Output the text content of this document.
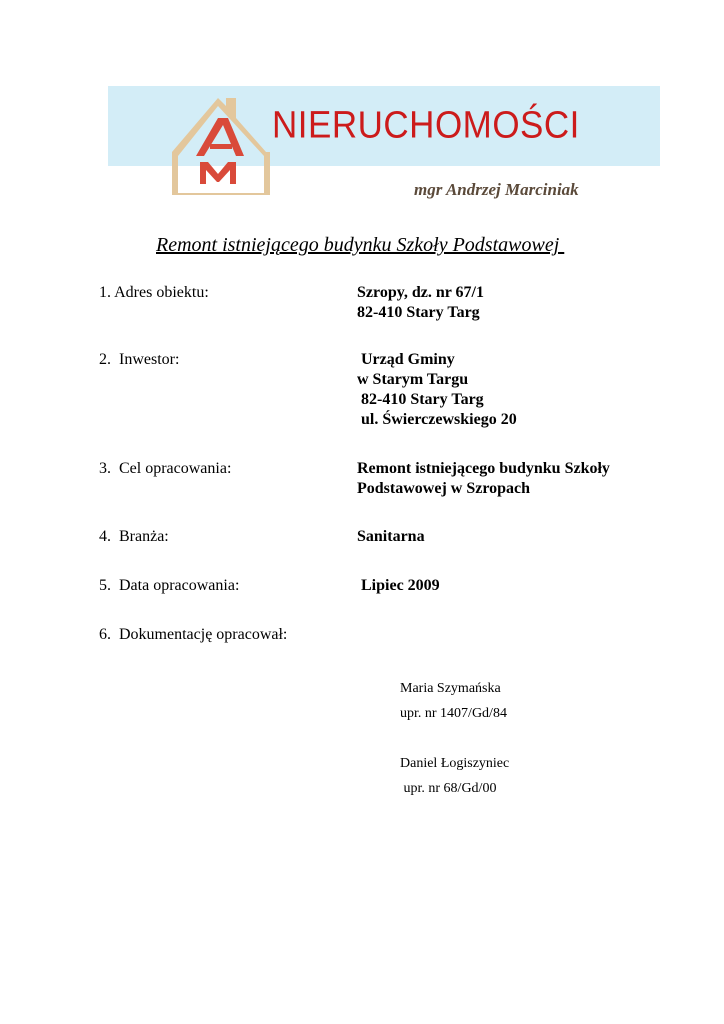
NIERUCHOMOŚCI
mgr Andrzej Marciniak
Remont istniejącego budynku Szkoły Podstawowej
1. Adres obiektu:	Szropy, dz. nr 67/1
82-410 Stary Targ
2.  Inwestor:	Urząd Gminy
w Starym Targu
82-410 Stary Targ
ul. Świerczewskiego 20
3.  Cel opracowania:	Remont istniejącego budynku Szkoły
Podstawowej w Szropach
4.  Branża:	Sanitarna
5.  Data opracowania:	Lipiec 2009
6.  Dokumentację opracował:
Maria Szymańska
upr. nr 1407/Gd/84
Daniel Łogiszyniec
upr. nr 68/Gd/00
